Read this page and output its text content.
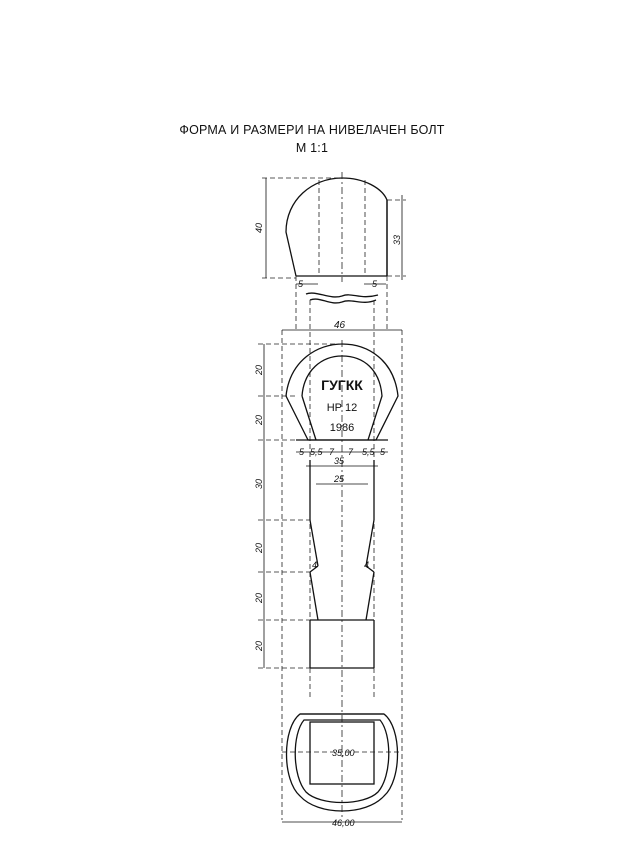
ФОРМА И РАЗМЕРИ НА НИВЕЛАЧЕН БОЛТ
М 1:1
40
33
5	5
46
ГУГКК
НР 12
1986
5 5,5 7 7 5,5 5
35
25
4	4
20
20
30
20
20
20
35,00
46,00
